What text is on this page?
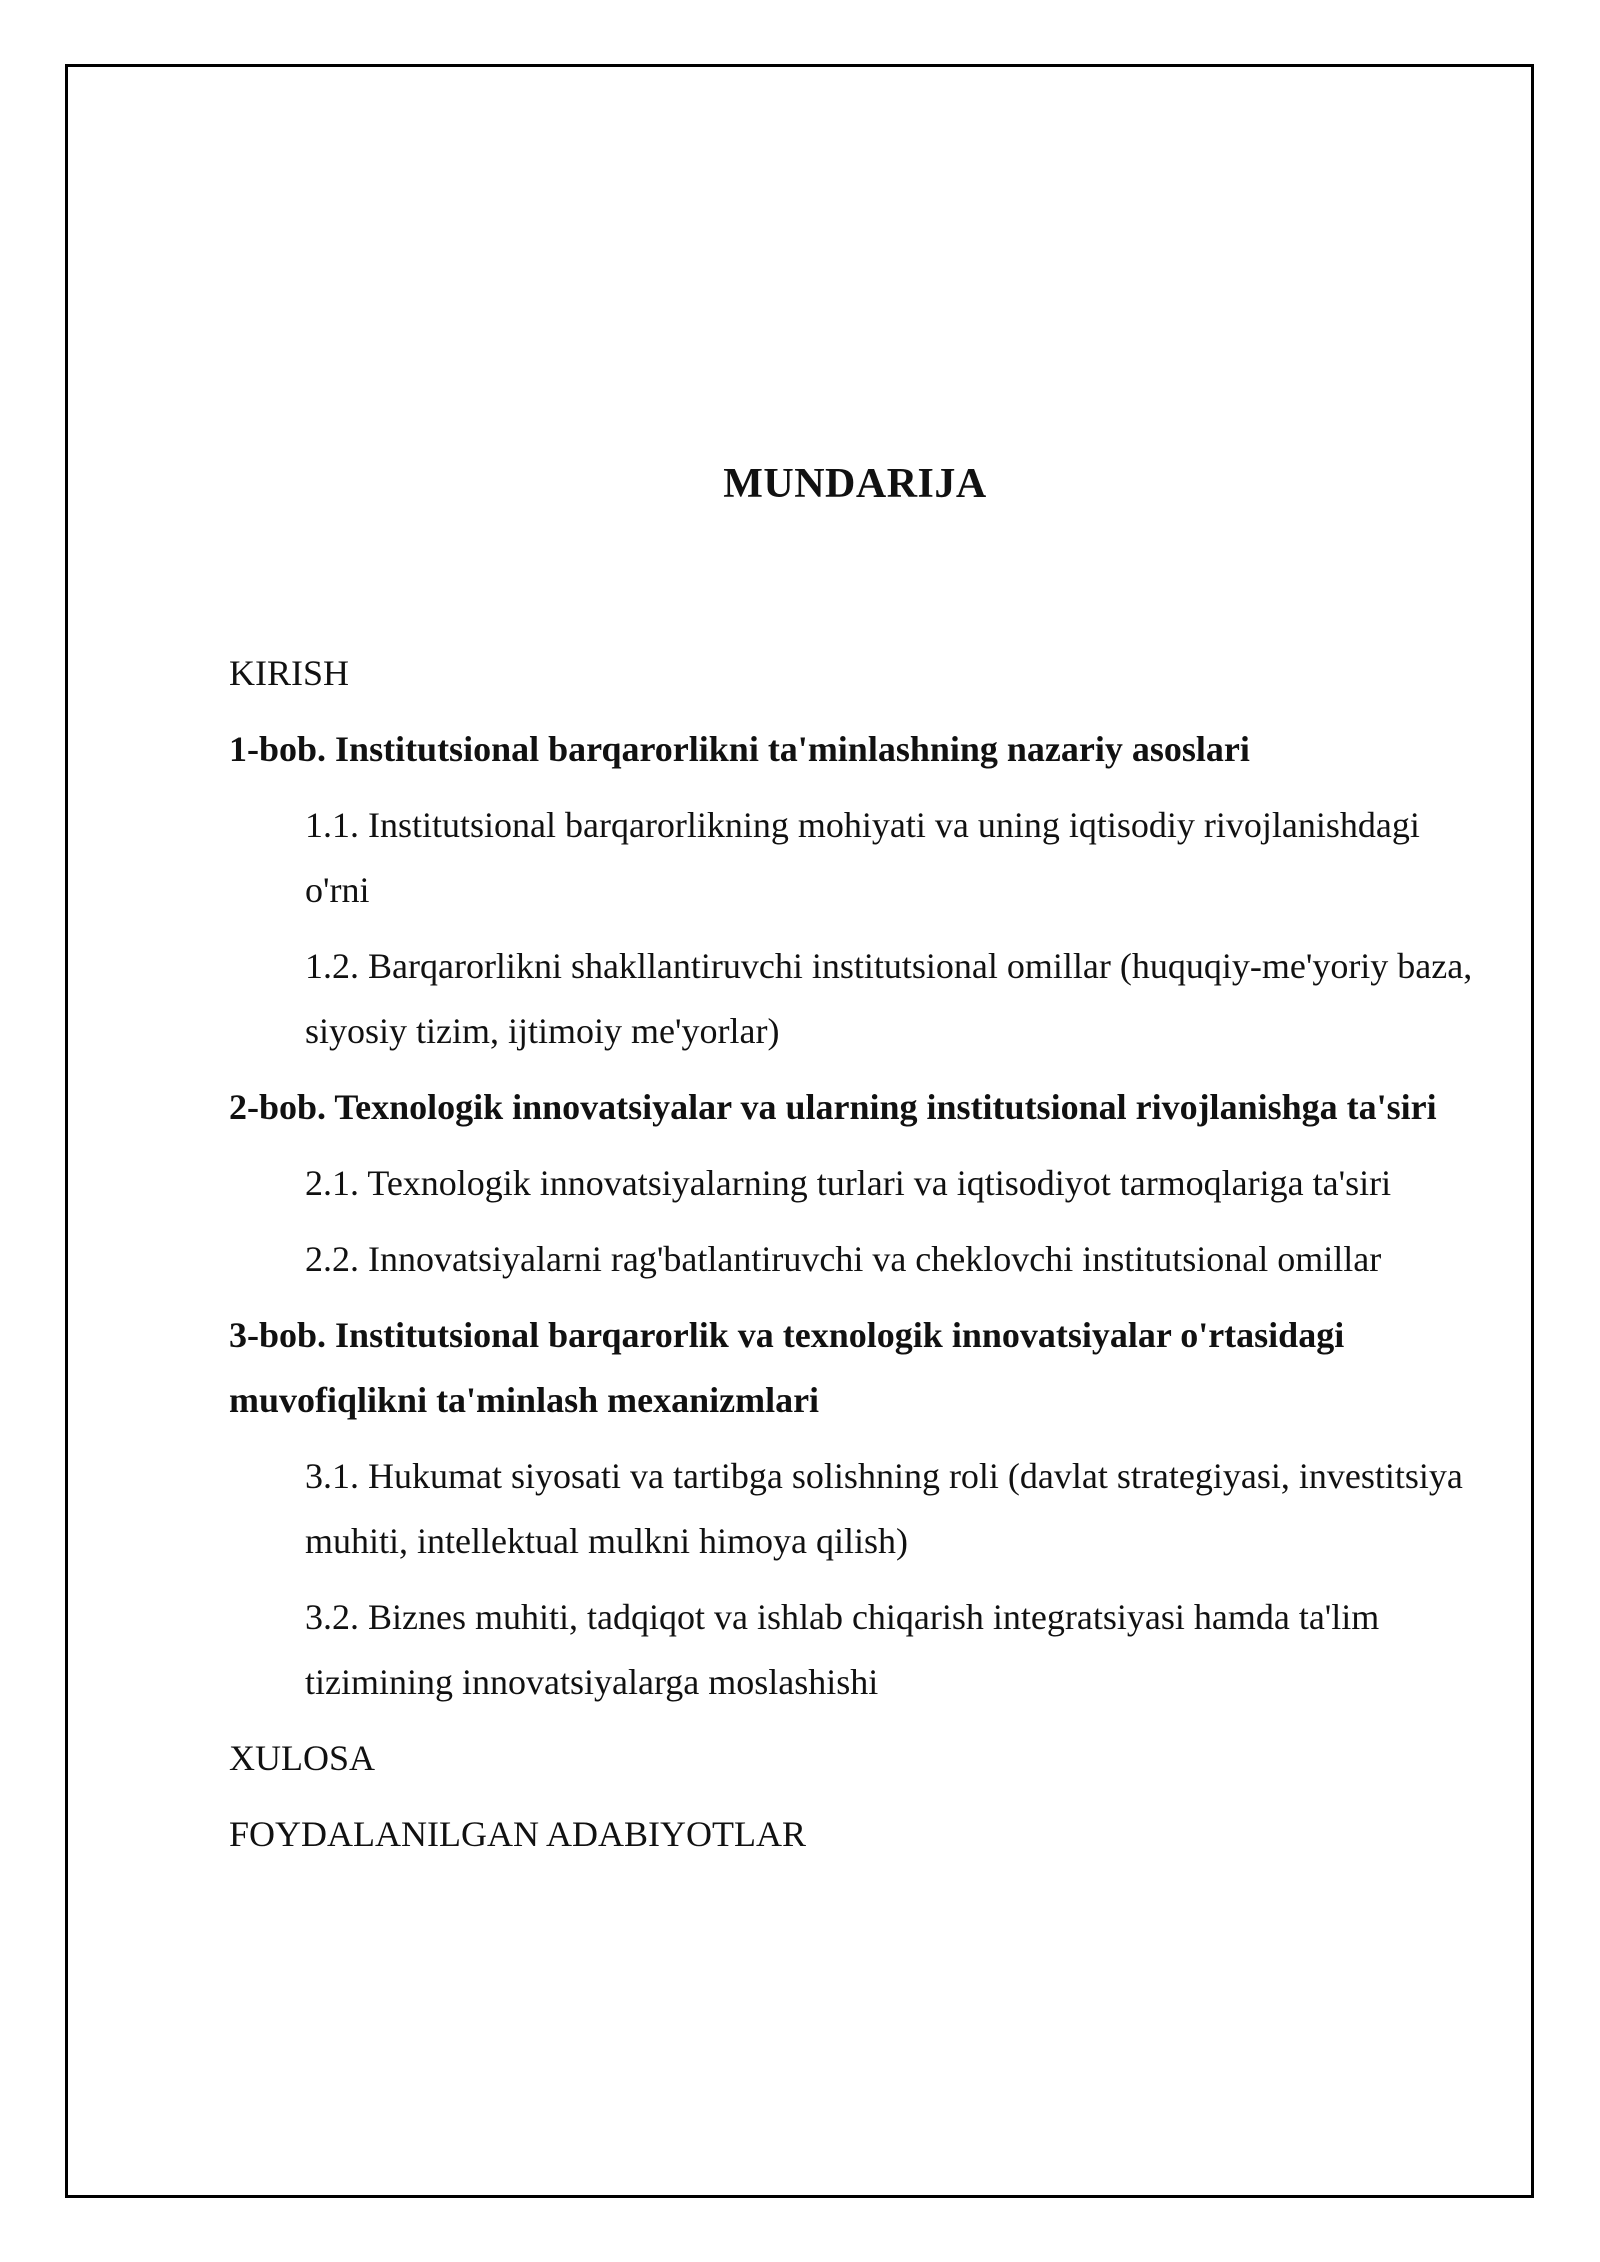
MUNDARIJA
KIRISH
1-bob. Institutsional barqarorlikni ta'minlashning nazariy asoslari
1.1. Institutsional barqarorlikning mohiyati va uning iqtisodiy rivojlanishdagi o'rni
1.2. Barqarorlikni shakllantiruvchi institutsional omillar (huquqiy-me'yoriy baza, siyosiy tizim, ijtimoiy me'yorlar)
2-bob. Texnologik innovatsiyalar va ularning institutsional rivojlanishga ta'siri
2.1. Texnologik innovatsiyalarning turlari va iqtisodiyot tarmoqlariga ta'siri
2.2. Innovatsiyalarni rag'batlantiruvchi va cheklovchi institutsional omillar
3-bob. Institutsional barqarorlik va texnologik innovatsiyalar o'rtasidagi muvofiqlikni ta'minlash mexanizmlari
3.1. Hukumat siyosati va tartibga solishning roli (davlat strategiyasi, investitsiya muhiti, intellektual mulkni himoya qilish)
3.2. Biznes muhiti, tadqiqot va ishlab chiqarish integratsiyasi hamda ta'lim tizimining innovatsiyalarga moslashishi
XULOSA
FOYDALANILGAN ADABIYOTLAR
